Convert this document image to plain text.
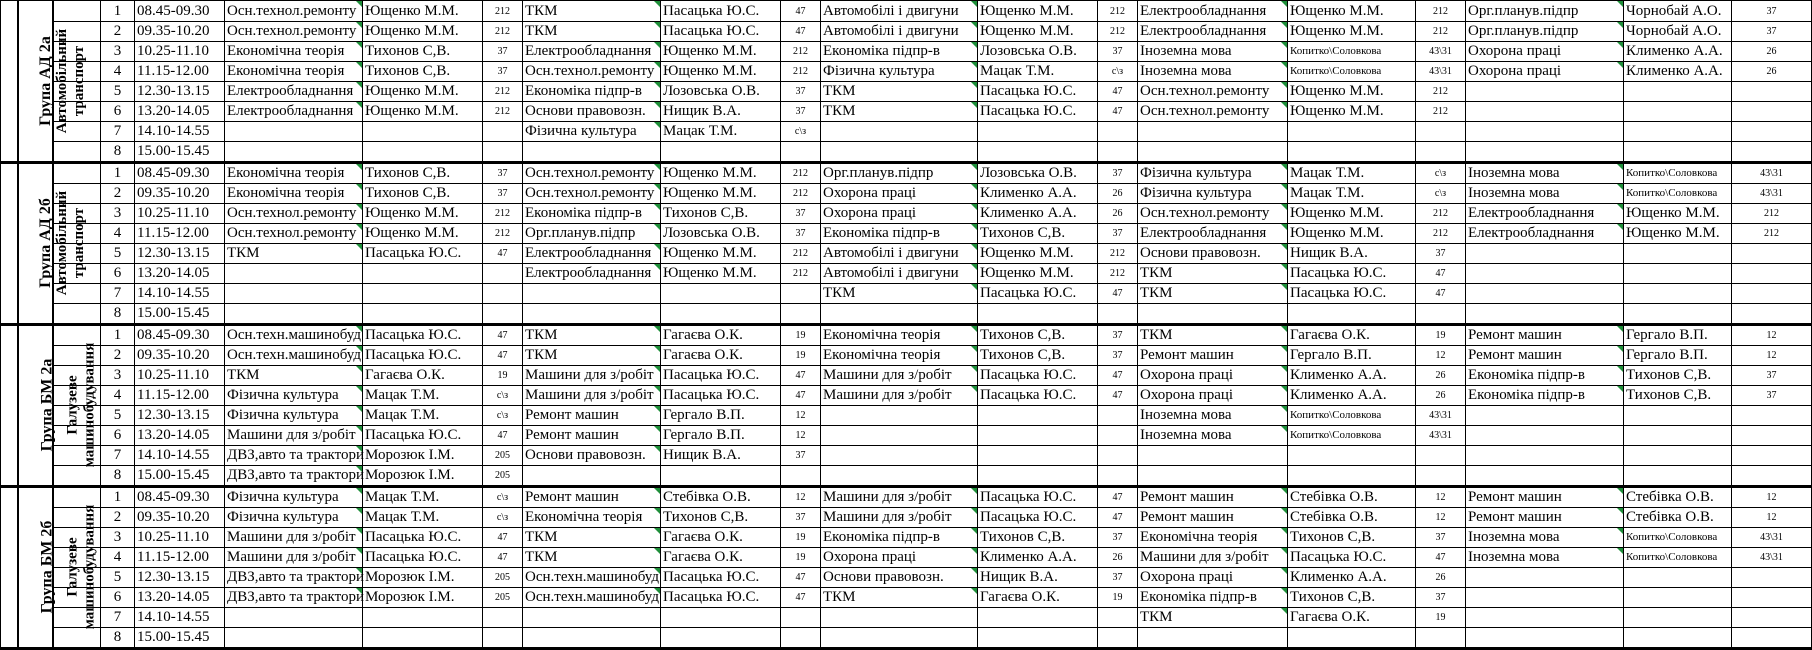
Група АД 2а	Автомобільний
транспорт		1	08.45-09.30	Осн.технол.ремонту	Ющенко М.М.	212	ТКМ	Пасацька Ю.С.	47	Автомобілі і двигуни	Ющенко М.М.	212	Електрообладнання	Ющенко М.М.	212	Орг.планув.підпр	Чорнобай А.О.	37
			2	09.35-10.20	Осн.технол.ремонту	Ющенко М.М.	212	ТКМ	Пасацька Ю.С.	47	Автомобілі і двигуни	Ющенко М.М.	212	Електрообладнання	Ющенко М.М.	212	Орг.планув.підпр	Чорнобай А.О.	37
			3	10.25-11.10	Економічна теорія	Тихонов С,В.	37	Електрообладнання	Ющенко М.М.	212	Економіка підпр-в	Лозовська О.В.	37	Іноземна мова	Копитко\Соловкова	43\31	Охорона праці	Клименко А.А.	26
			4	11.15-12.00	Економічна теорія	Тихонов С,В.	37	Осн.технол.ремонту	Ющенко М.М.	212	Фізична культура	Мацак Т.М.	с\з	Іноземна мова	Копитко\Соловкова	43\31	Охорона праці	Клименко А.А.	26
			5	12.30-13.15	Електрообладнання	Ющенко М.М.	212	Економіка підпр-в	Лозовська О.В.	37	ТКМ	Пасацька Ю.С.	47	Осн.технол.ремонту	Ющенко М.М.	212			
			6	13.20-14.05	Електрообладнання	Ющенко М.М.	212	Основи правовозн.	Нищик В.А.	37	ТКМ	Пасацька Ю.С.	47	Осн.технол.ремонту	Ющенко М.М.	212			
			7	14.10-14.55				Фізична культура	Мацак Т.М.	с\з									
			8	15.00-15.45															
Група АД 2б	Автомобільний
транспорт		1	08.45-09.30	Економічна теорія	Тихонов С,В.	37	Осн.технол.ремонту	Ющенко М.М.	212	Орг.планув.підпр	Лозовська О.В.	37	Фізична культура	Мацак Т.М.	с\з	Іноземна мова	Копитко\Соловкова	43\31
			2	09.35-10.20	Економічна теорія	Тихонов С,В.	37	Осн.технол.ремонту	Ющенко М.М.	212	Охорона праці	Клименко А.А.	26	Фізична культура	Мацак Т.М.	с\з	Іноземна мова	Копитко\Соловкова	43\31
			3	10.25-11.10	Осн.технол.ремонту	Ющенко М.М.	212	Економіка підпр-в	Тихонов С,В.	37	Охорона праці	Клименко А.А.	26	Осн.технол.ремонту	Ющенко М.М.	212	Електрообладнання	Ющенко М.М.	212
			4	11.15-12.00	Осн.технол.ремонту	Ющенко М.М.	212	Орг.планув.підпр	Лозовська О.В.	37	Економіка підпр-в	Тихонов С,В.	37	Електрообладнання	Ющенко М.М.	212	Електрообладнання	Ющенко М.М.	212
			5	12.30-13.15	ТКМ	Пасацька Ю.С.	47	Електрообладнання	Ющенко М.М.	212	Автомобілі і двигуни	Ющенко М.М.	212	Основи правовозн.	Нищик В.А.	37			
			6	13.20-14.05				Електрообладнання	Ющенко М.М.	212	Автомобілі і двигуни	Ющенко М.М.	212	ТКМ	Пасацька Ю.С.	47			
			7	14.10-14.55							ТКМ	Пасацька Ю.С.	47	ТКМ	Пасацька Ю.С.	47			
			8	15.00-15.45															
Група БМ 2а	Галузеве
машинобудування		1	08.45-09.30	Осн.техн.машинобуд	Пасацька Ю.С.	47	ТКМ	Гагаєва О.К.	19	Економічна теорія	Тихонов С,В.	37	ТКМ	Гагаєва О.К.	19	Ремонт машин	Гергало В.П.	12
			2	09.35-10.20	Осн.техн.машинобуд	Пасацька Ю.С.	47	ТКМ	Гагаєва О.К.	19	Економічна теорія	Тихонов С,В.	37	Ремонт машин	Гергало В.П.	12	Ремонт машин	Гергало В.П.	12
			3	10.25-11.10	ТКМ	Гагаєва О.К.	19	Машини для з/робіт	Пасацька Ю.С.	47	Машини для з/робіт	Пасацька Ю.С.	47	Охорона праці	Клименко А.А.	26	Економіка підпр-в	Тихонов С,В.	37
			4	11.15-12.00	Фізична культура	Мацак Т.М.	с\з	Машини для з/робіт	Пасацька Ю.С.	47	Машини для з/робіт	Пасацька Ю.С.	47	Охорона праці	Клименко А.А.	26	Економіка підпр-в	Тихонов С,В.	37
			5	12.30-13.15	Фізична культура	Мацак Т.М.	с\з	Ремонт машин	Гергало В.П.	12				Іноземна мова	Копитко\Соловкова	43\31			
			6	13.20-14.05	Машини для з/робіт	Пасацька Ю.С.	47	Ремонт машин	Гергало В.П.	12				Іноземна мова	Копитко\Соловкова	43\31			
			7	14.10-14.55	ДВЗ,авто та трактори	Морозюк І.М.	205	Основи правовозн.	Нищик В.А.	37									
			8	15.00-15.45	ДВЗ,авто та трактори	Морозюк І.М.	205												
Група БМ 2б	Галузеве
машинобудування		1	08.45-09.30	Фізична культура	Мацак Т.М.	с\з	Ремонт машин	Стебівка О.В.	12	Машини для з/робіт	Пасацька Ю.С.	47	Ремонт машин	Стебівка О.В.	12	Ремонт машин	Стебівка О.В.	12
			2	09.35-10.20	Фізична культура	Мацак Т.М.	с\з	Економічна теорія	Тихонов С,В.	37	Машини для з/робіт	Пасацька Ю.С.	47	Ремонт машин	Стебівка О.В.	12	Ремонт машин	Стебівка О.В.	12
			3	10.25-11.10	Машини для з/робіт	Пасацька Ю.С.	47	ТКМ	Гагаєва О.К.	19	Економіка підпр-в	Тихонов С,В.	37	Економічна теорія	Тихонов С,В.	37	Іноземна мова	Копитко\Соловкова	43\31
			4	11.15-12.00	Машини для з/робіт	Пасацька Ю.С.	47	ТКМ	Гагаєва О.К.	19	Охорона праці	Клименко А.А.	26	Машини для з/робіт	Пасацька Ю.С.	47	Іноземна мова	Копитко\Соловкова	43\31
			5	12.30-13.15	ДВЗ,авто та трактори	Морозюк І.М.	205	Осн.техн.машинобуд	Пасацька Ю.С.	47	Основи правовозн.	Нищик В.А.	37	Охорона праці	Клименко А.А.	26			
			6	13.20-14.05	ДВЗ,авто та трактори	Морозюк І.М.	205	Осн.техн.машинобуд	Пасацька Ю.С.	47	ТКМ	Гагаєва О.К.	19	Економіка підпр-в	Тихонов С,В.	37			
			7	14.10-14.55										ТКМ	Гагаєва О.К.	19			
			8	15.00-15.45															
